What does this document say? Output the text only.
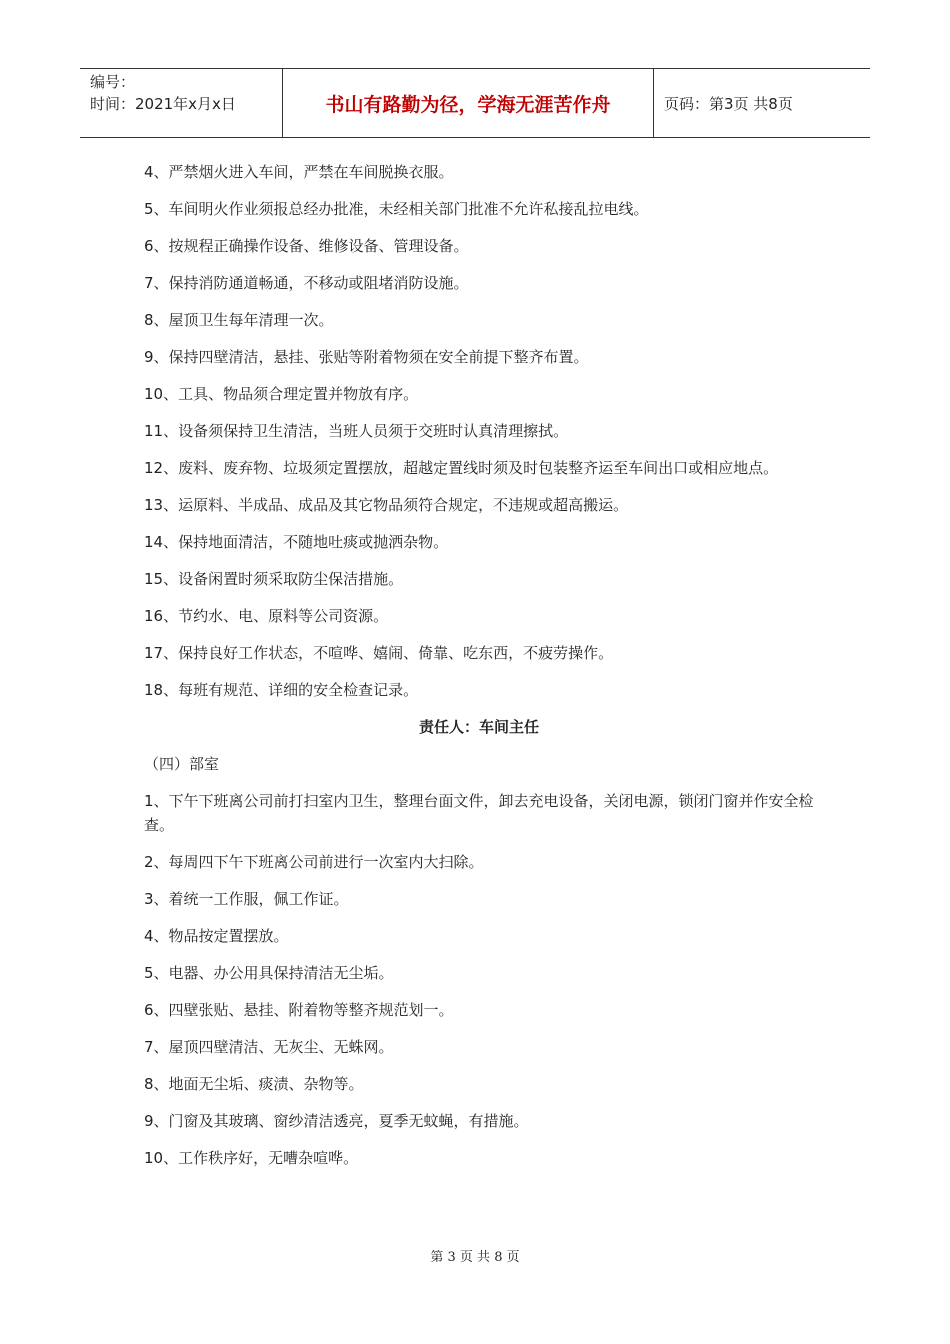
编号：
时间：2021年x月x日	书山有路勤为径，学海无涯苦作舟	页码：第3页 共8页
4、严禁烟火进入车间，严禁在车间脱换衣服。
5、车间明火作业须报总经办批准，未经相关部门批准不允许私接乱拉电线。
6、按规程正确操作设备、维修设备、管理设备。
7、保持消防通道畅通，不移动或阻堵消防设施。
8、屋顶卫生每年清理一次。
9、保持四壁清洁，悬挂、张贴等附着物须在安全前提下整齐布置。
10、工具、物品须合理定置并物放有序。
11、设备须保持卫生清洁，当班人员须于交班时认真清理擦拭。
12、废料、废弃物、垃圾须定置摆放，超越定置线时须及时包装整齐运至车间出口或相应地点。
13、运原料、半成品、成品及其它物品须符合规定，不违规或超高搬运。
14、保持地面清洁，不随地吐痰或抛洒杂物。
15、设备闲置时须采取防尘保洁措施。
16、节约水、电、原料等公司资源。
17、保持良好工作状态，不喧哗、嬉闹、倚靠、吃东西，不疲劳操作。
18、每班有规范、详细的安全检查记录。
责任人：车间主任
（四）部室
1、下午下班离公司前打扫室内卫生，整理台面文件，卸去充电设备，关闭电源，锁闭门窗并作安全检查。
2、每周四下午下班离公司前进行一次室内大扫除。
3、着统一工作服，佩工作证。
4、物品按定置摆放。
5、电器、办公用具保持清洁无尘垢。
6、四壁张贴、悬挂、附着物等整齐规范划一。
7、屋顶四壁清洁、无灰尘、无蛛网。
8、地面无尘垢、痰渍、杂物等。
9、门窗及其玻璃、窗纱清洁透亮，夏季无蚊蝇，有措施。
10、工作秩序好，无嘈杂喧哗。
第 3 页 共 8 页
